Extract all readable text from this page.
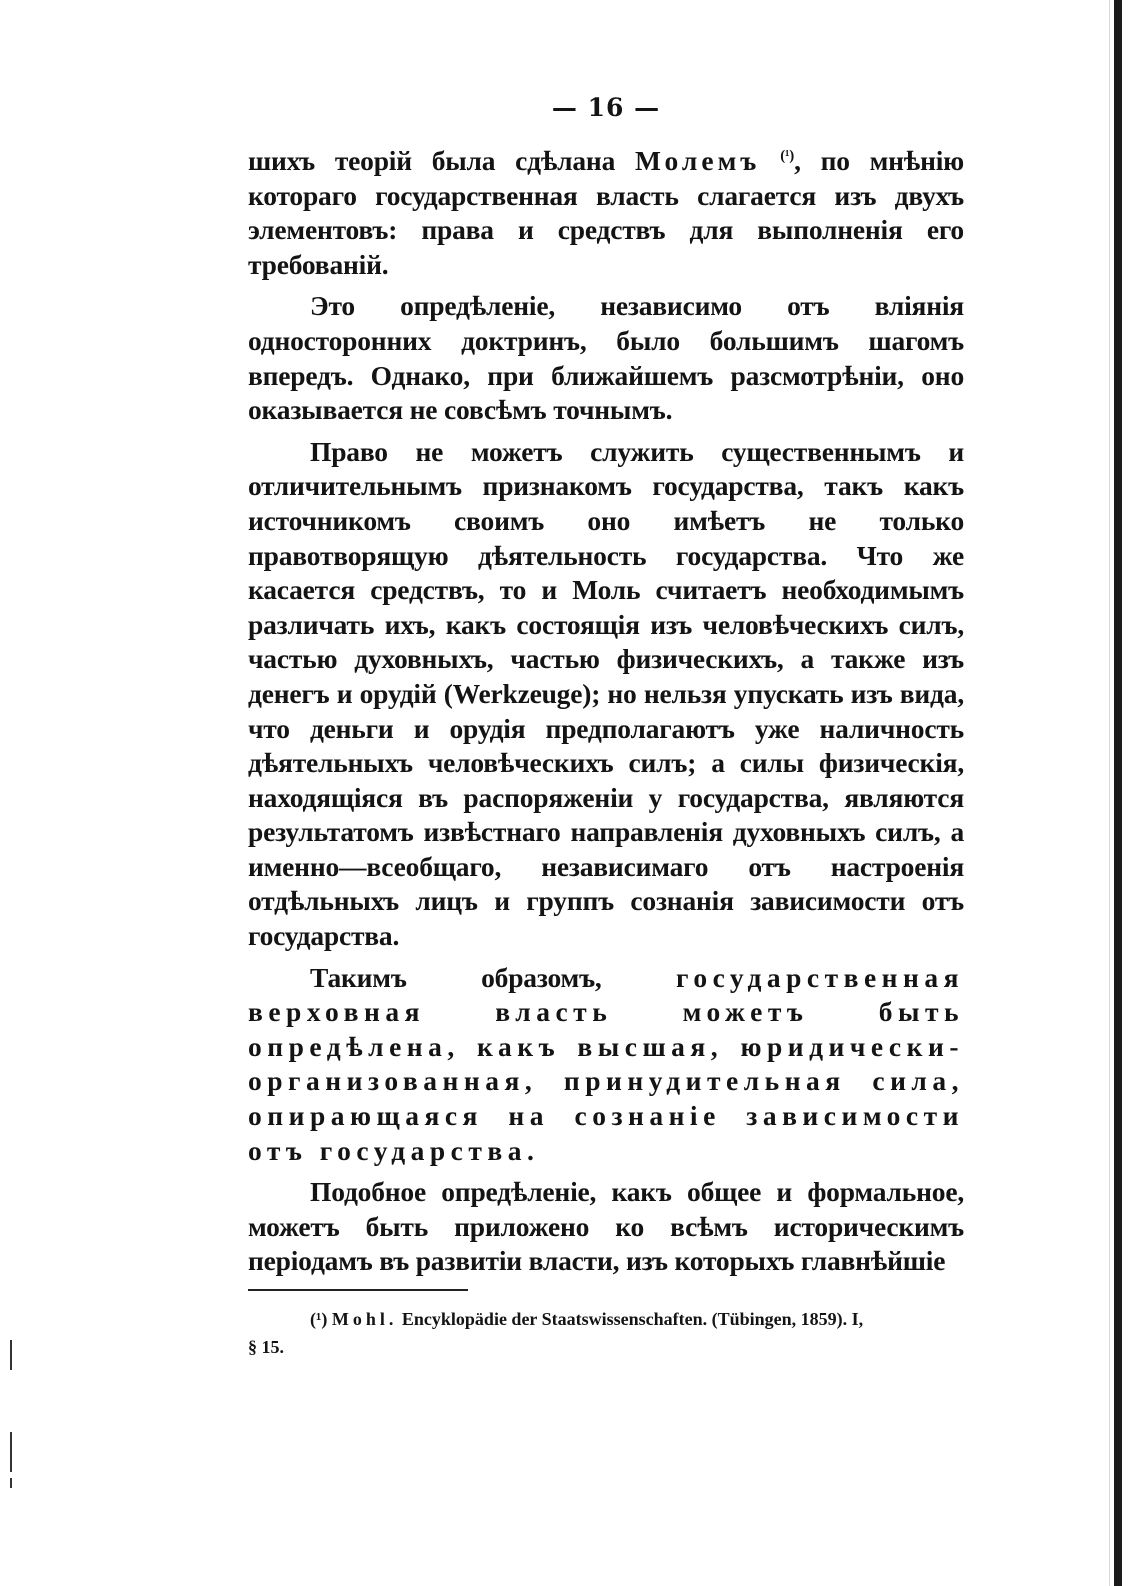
— 16 —

шихъ теорій была сдѣлана Молемъ $^{(^1)}$, по мнѣнію котораго государственная власть слагается изъ двухъ элементовъ: права и средствъ для выполненія его требованій.

Это опредѣленіе, независимо отъ вліянія односторонних доктринъ, было большимъ шагомъ впередъ. Однако, при ближайшемъ разсмотрѣніи, оно оказывается не совсѣмъ точнымъ.

Право не можетъ служить существеннымъ и отличительнымъ признакомъ государства, такъ какъ источникомъ своимъ оно имѣетъ не только правотворящую дѣятельность государства. Что же касается средствъ, то и Моль считаетъ необходимымъ различать ихъ, какъ состоящія изъ человѣческихъ силъ, частью духовныхъ, частью физическихъ, а также изъ денегъ и орудій (Werkzeuge); но нельзя упускать изъ вида, что деньги и орудія предполагаютъ уже наличность дѣятельныхъ человѣческихъ силъ; а силы физическія, находящіяся въ распоряженіи у государства, являются результатомъ извѣстнаго направленія духовныхъ силъ, а именно—всеобщаго, независимаго отъ настроенія отдѣльныхъ лицъ и группъ сознанія зависимости отъ государства.

Такимъ образомъ, государственная верховная власть можетъ быть опредѣлена, какъ высшая, юридически-организованная, принудительная сила, опирающаяся на сознаніе зависимости отъ государства.

Подобное опредѣленіе, какъ общее и формальное, можетъ быть приложено ко всѣмъ историческимъ періодамъ въ развитіи власти, изъ которыхъ главнѣйшіе

(¹) Mohl. Encyklopädie der Staatswissenschaften. (Tübingen, 1859). I,

§ 15.
